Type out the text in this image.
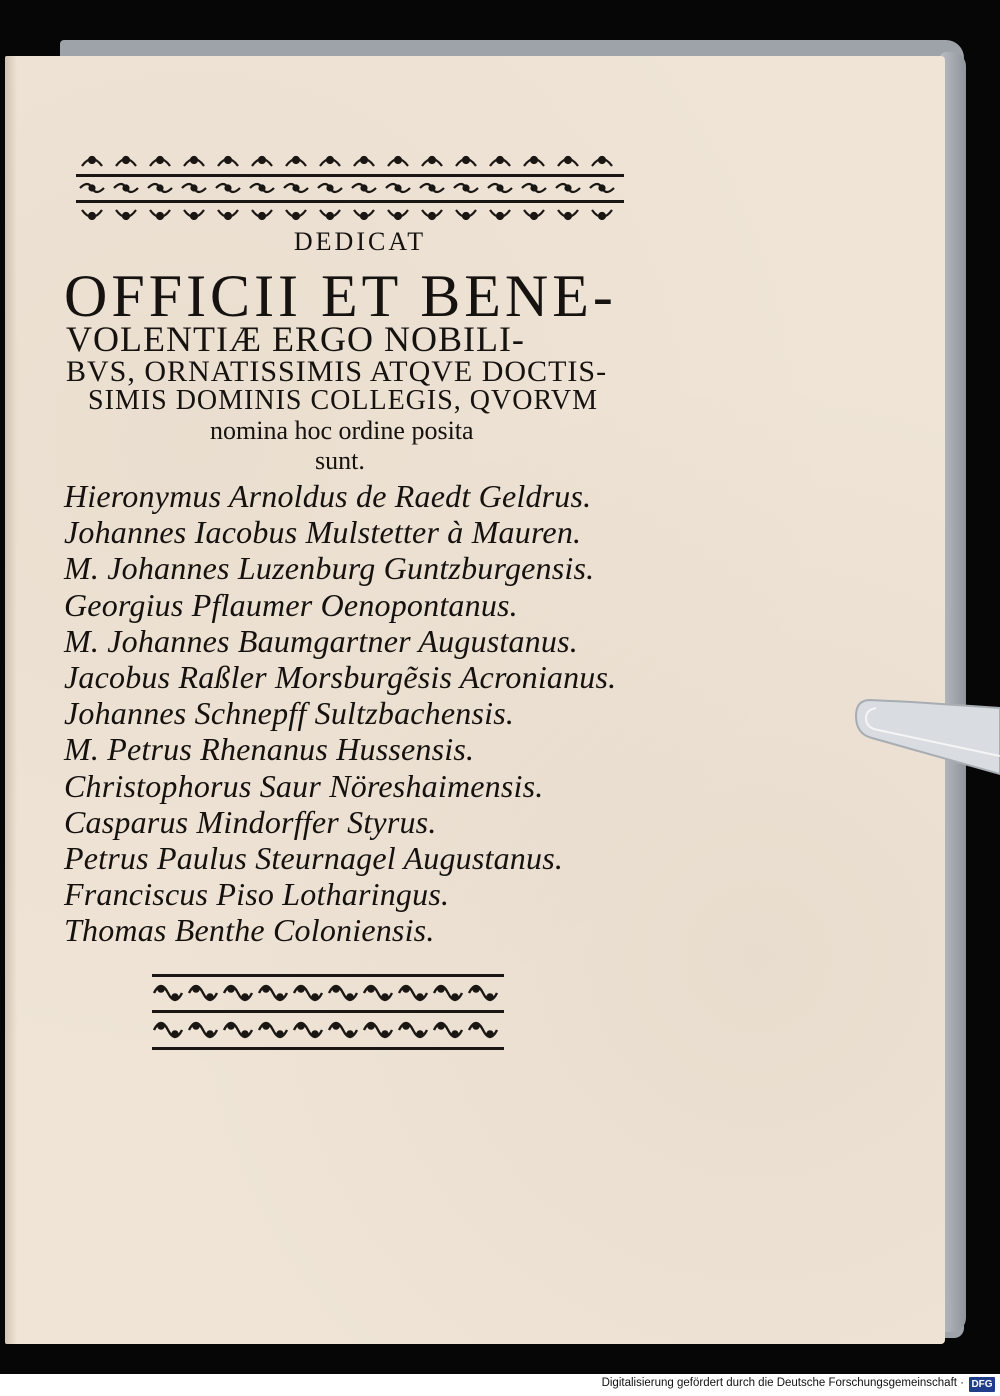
DEDICAT
OFFICII ET BENE-
VOLENTIÆ ERGO NOBILI-
BVS, ORNATISSIMIS ATQVE DOCTIS-
SIMIS DOMINIS COLLEGIS, QVORVM
nomina hoc ordine posita
sunt.
Hieronymus Arnoldus de Raedt Geldrus.
Johannes Iacobus Mulstetter à Mauren.
M. Johannes Luzenburg Guntzburgensis.
Georgius Pflaumer Oenopontanus.
M. Johannes Baumgartner Augustanus.
Jacobus Raßler Morsburgẽsis Acronianus.
Johannes Schnepff Sultzbachensis.
M. Petrus Rhenanus Hussensis.
Christophorus Saur Nöreshaimensis.
Casparus Mindorffer Styrus.
Petrus Paulus Steurnagel Augustanus.
Franciscus Piso Lotharingus.
Thomas Benthe Coloniensis.
Digitalisierung gefördert durch die Deutsche Forschungsgemeinschaft · DFG
